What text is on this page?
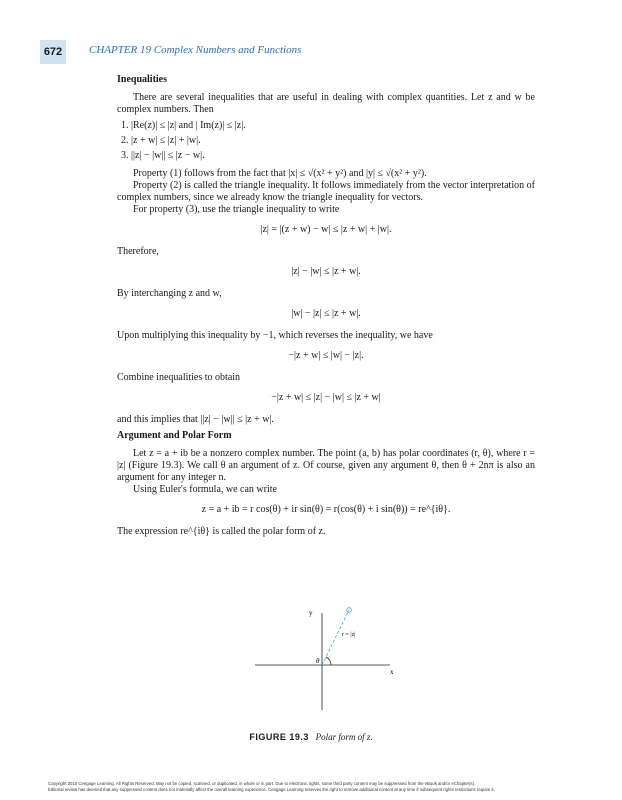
672	CHAPTER 19 Complex Numbers and Functions
Inequalities

There are several inequalities that are useful in dealing with complex quantities. Let z and w be complex numbers. Then

1. |Re(z)| ≤ |z| and | Im(z)| ≤ |z|.
2. |z + w| ≤ |z| + |w|.
3. ||z| − |w|| ≤ |z − w|.

Property (1) follows from the fact that |x| ≤ √(x² + y²) and |y| ≤ √(x² + y²).

Property (2) is called the triangle inequality. It follows immediately from the vector interpretation of complex numbers, since we already know the triangle inequality for vectors.

For property (3), use the triangle inequality to write

|z| = |(z + w) − w| ≤ |z + w| + |w|.

Therefore,

|z| − |w| ≤ |z + w|.

By interchanging z and w,

|w| − |z| ≤ |z + w|.

Upon multiplying this inequality by −1, which reverses the inequality, we have

−|z + w| ≤ |w| − |z|.

Combine inequalities to obtain

−|z + w| ≤ |z| − |w| ≤ |z + w|

and this implies that ||z| − |w|| ≤ |z + w|.

Argument and Polar Form

Let z = a + ib be a nonzero complex number. The point (a, b) has polar coordinates (r, θ), where r = |z| (Figure 19.3). We call θ an argument of z. Of course, given any argument θ, then θ + 2nπ is also an argument for any integer n.

Using Euler's formula, we can write

z = a + ib = r cos(θ) + ir sin(θ) = r(cos(θ) + i sin(θ)) = re^{iθ}.

The expression re^{iθ} is called the polar form of z.

y
x
θ
r = |z|
FIGURE 19.3 Polar form of z.
Copyright 2010 Cengage Learning. All Rights Reserved. May not be copied, scanned, or duplicated, in whole or in part. Due to electronic rights, some third party content may be suppressed from the eBook and/or eChapter(s).
Editorial review has deemed that any suppressed content does not materially affect the overall learning experience. Cengage Learning reserves the right to remove additional content at any time if subsequent rights restrictions require it.
